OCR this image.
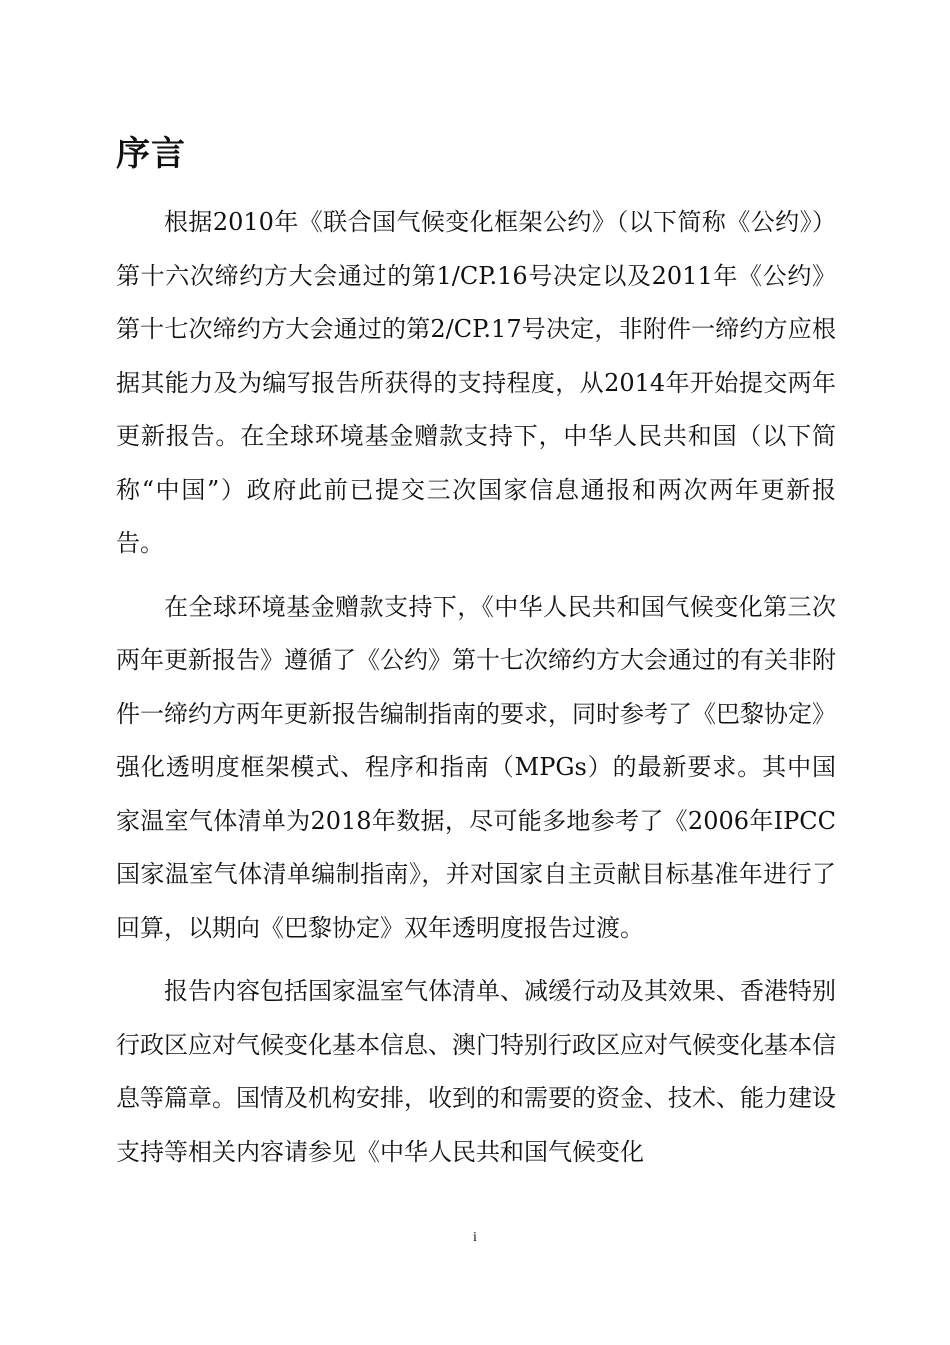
序言

根据2010年《联合国气候变化框架公约》（以下简称《公约》）第十六次缔约方大会通过的第1/CP.16号决定以及2011年《公约》第十七次缔约方大会通过的第2/CP.17号决定，非附件一缔约方应根据其能力及为编写报告所获得的支持程度，从2014年开始提交两年更新报告。在全球环境基金赠款支持下，中华人民共和国（以下简称“中国”）政府此前已提交三次国家信息通报和两次两年更新报告。

在全球环境基金赠款支持下，《中华人民共和国气候变化第三次两年更新报告》遵循了《公约》第十七次缔约方大会通过的有关非附件一缔约方两年更新报告编制指南的要求，同时参考了《巴黎协定》强化透明度框架模式、程序和指南（MPGs）的最新要求。其中国家温室气体清单为2018年数据，尽可能多地参考了《2006年IPCC国家温室气体清单编制指南》，并对国家自主贡献目标基准年进行了回算，以期向《巴黎协定》双年透明度报告过渡。

报告内容包括国家温室气体清单、减缓行动及其效果、香港特别行政区应对气候变化基本信息、澳门特别行政区应对气候变化基本信息等篇章。国情及机构安排，收到的和需要的资金、技术、能力建设支持等相关内容请参见《中华人民共和国气候变化

i
